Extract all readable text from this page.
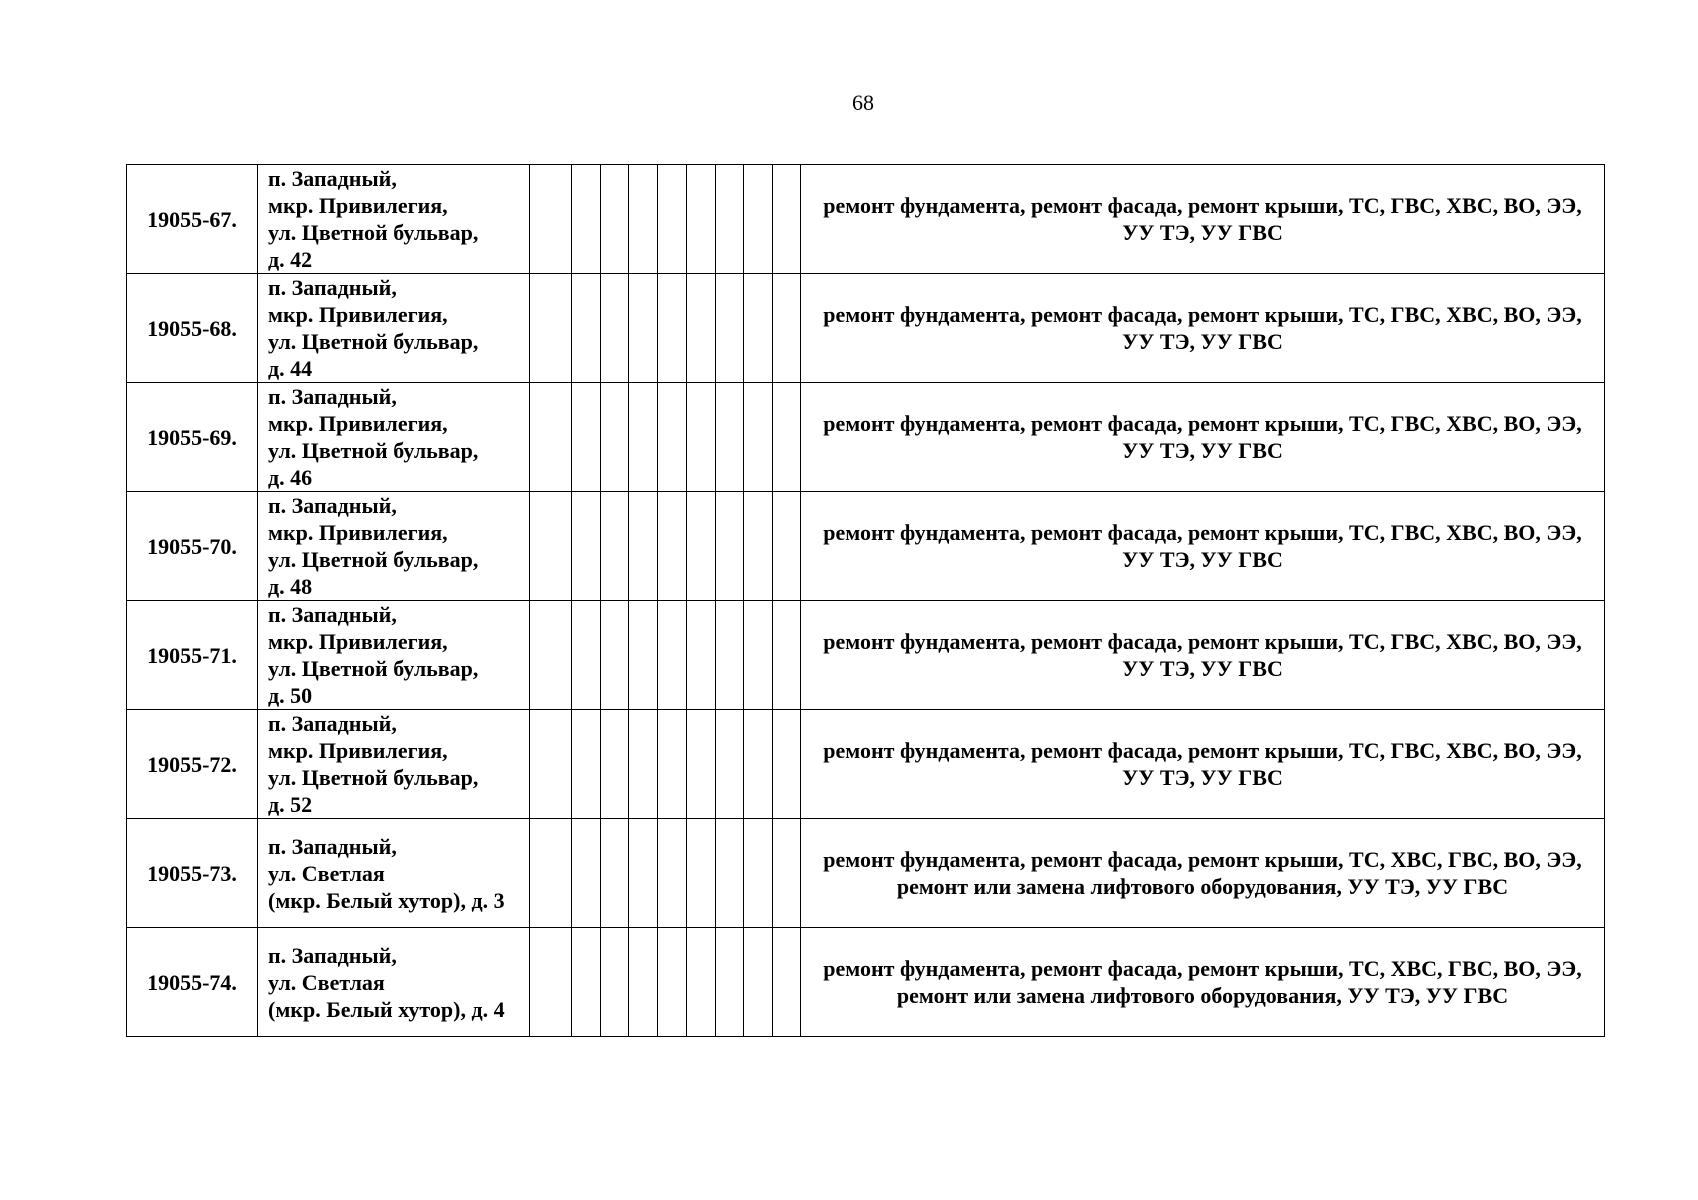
68
19055-67.	п. Западный,
мкр. Привилегия,
ул. Цветной бульвар,
д. 42										ремонт фундамента, ремонт фасада, ремонт крыши, ТС, ГВС, ХВС, ВО, ЭЭ, УУ ТЭ, УУ ГВС
19055-68.	п. Западный,
мкр. Привилегия,
ул. Цветной бульвар,
д. 44										ремонт фундамента, ремонт фасада, ремонт крыши, ТС, ГВС, ХВС, ВО, ЭЭ, УУ ТЭ, УУ ГВС
19055-69.	п. Западный,
мкр. Привилегия,
ул. Цветной бульвар,
д. 46										ремонт фундамента, ремонт фасада, ремонт крыши, ТС, ГВС, ХВС, ВО, ЭЭ, УУ ТЭ, УУ ГВС
19055-70.	п. Западный,
мкр. Привилегия,
ул. Цветной бульвар,
д. 48										ремонт фундамента, ремонт фасада, ремонт крыши, ТС, ГВС, ХВС, ВО, ЭЭ, УУ ТЭ, УУ ГВС
19055-71.	п. Западный,
мкр. Привилегия,
ул. Цветной бульвар,
д. 50										ремонт фундамента, ремонт фасада, ремонт крыши, ТС, ГВС, ХВС, ВО, ЭЭ, УУ ТЭ, УУ ГВС
19055-72.	п. Западный,
мкр. Привилегия,
ул. Цветной бульвар,
д. 52										ремонт фундамента, ремонт фасада, ремонт крыши, ТС, ГВС, ХВС, ВО, ЭЭ, УУ ТЭ, УУ ГВС
19055-73.	п. Западный,
ул. Светлая
(мкр. Белый хутор), д. 3										ремонт фундамента, ремонт фасада, ремонт крыши, ТС, ХВС, ГВС, ВО, ЭЭ, ремонт или замена лифтового оборудования, УУ ТЭ, УУ ГВС
19055-74.	п. Западный,
ул. Светлая
(мкр. Белый хутор), д. 4										ремонт фундамента, ремонт фасада, ремонт крыши, ТС, ХВС, ГВС, ВО, ЭЭ, ремонт или замена лифтового оборудования, УУ ТЭ, УУ ГВС
